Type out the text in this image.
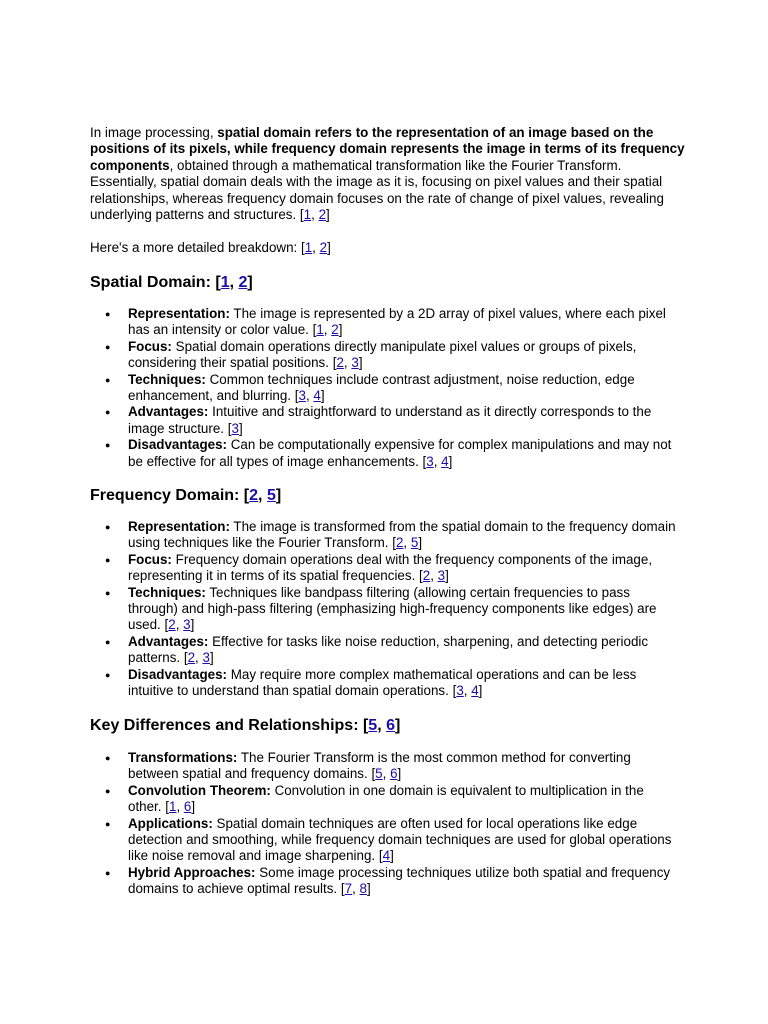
In image processing, spatial domain refers to the representation of an image based on the positions of its pixels, while frequency domain represents the image in terms of its frequency components, obtained through a mathematical transformation like the Fourier Transform. Essentially, spatial domain deals with the image as it is, focusing on pixel values and their spatial relationships, whereas frequency domain focuses on the rate of change of pixel values, revealing underlying patterns and structures. [1, 2]

Here's a more detailed breakdown: [1, 2]

Spatial Domain: [1, 2]
● Representation: The image is represented by a 2D array of pixel values, where each pixel has an intensity or color value. [1, 2]
● Focus: Spatial domain operations directly manipulate pixel values or groups of pixels, considering their spatial positions. [2, 3]
● Techniques: Common techniques include contrast adjustment, noise reduction, edge enhancement, and blurring. [3, 4]
● Advantages: Intuitive and straightforward to understand as it directly corresponds to the image structure. [3]
● Disadvantages: Can be computationally expensive for complex manipulations and may not be effective for all types of image enhancements. [3, 4]
Frequency Domain: [2, 5]
● Representation: The image is transformed from the spatial domain to the frequency domain using techniques like the Fourier Transform. [2, 5]
● Focus: Frequency domain operations deal with the frequency components of the image, representing it in terms of its spatial frequencies. [2, 3]
● Techniques: Techniques like bandpass filtering (allowing certain frequencies to pass through) and high-pass filtering (emphasizing high-frequency components like edges) are used. [2, 3]
● Advantages: Effective for tasks like noise reduction, sharpening, and detecting periodic patterns. [2, 3]
● Disadvantages: May require more complex mathematical operations and can be less intuitive to understand than spatial domain operations. [3, 4]
Key Differences and Relationships: [5, 6]
● Transformations: The Fourier Transform is the most common method for converting between spatial and frequency domains. [5, 6]
● Convolution Theorem: Convolution in one domain is equivalent to multiplication in the other. [1, 6]
● Applications: Spatial domain techniques are often used for local operations like edge detection and smoothing, while frequency domain techniques are used for global operations like noise removal and image sharpening. [4]
● Hybrid Approaches: Some image processing techniques utilize both spatial and frequency domains to achieve optimal results. [7, 8]
